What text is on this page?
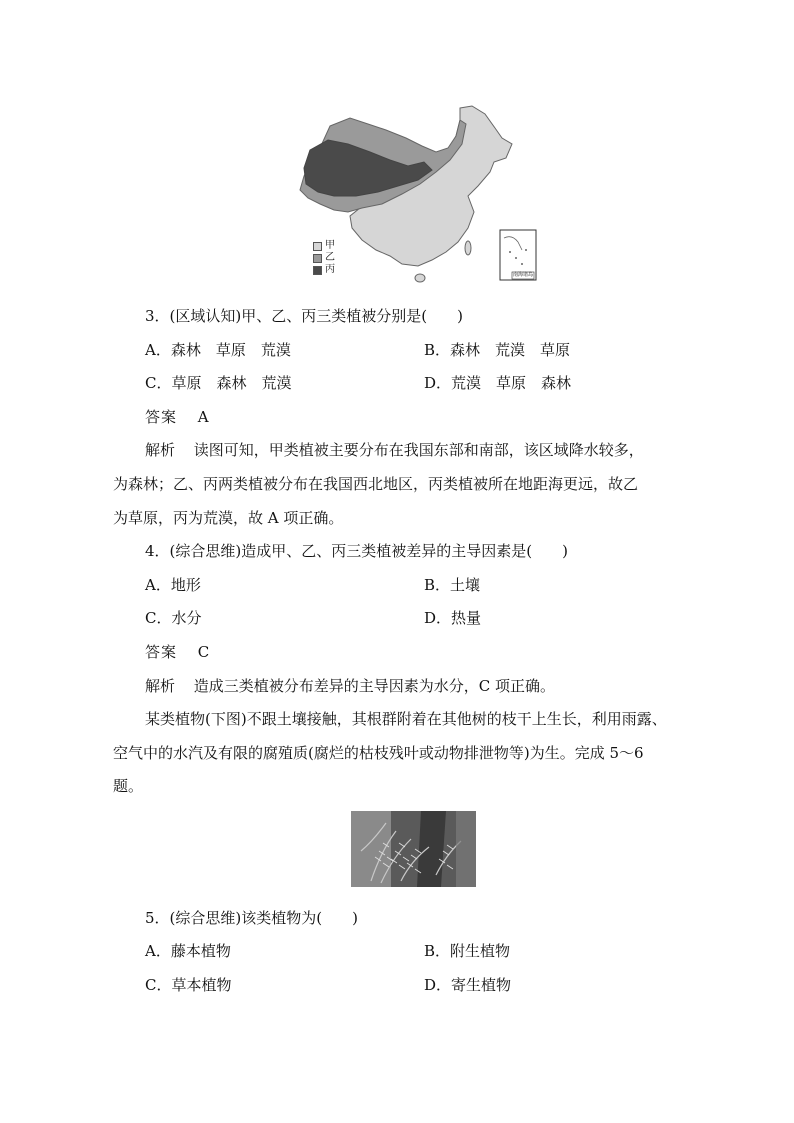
南海诸岛
甲
乙
丙
3．(区域认知)甲、乙、丙三类植被分别是(　　)
A．森林　草原　荒漠	B．森林　荒漠　草原
C．草原　森林　荒漠	D．荒漠　草原　森林
答案 A
解析 读图可知，甲类植被主要分布在我国东部和南部，该区域降水较多，
为森林；乙、丙两类植被分布在我国西北地区，丙类植被所在地距海更远，故乙
为草原，丙为荒漠，故 A 项正确。
4．(综合思维)造成甲、乙、丙三类植被差异的主导因素是(　　)
A．地形	B．土壤
C．水分	D．热量
答案 C
解析 造成三类植被分布差异的主导因素为水分，C 项正确。
某类植物(下图)不跟土壤接触，其根群附着在其他树的枝干上生长，利用雨露、
空气中的水汽及有限的腐殖质(腐烂的枯枝残叶或动物排泄物等)为生。完成 5～6
题。
5．(综合思维)该类植物为(　　)
A．藤本植物	B．附生植物
C．草本植物	D．寄生植物
